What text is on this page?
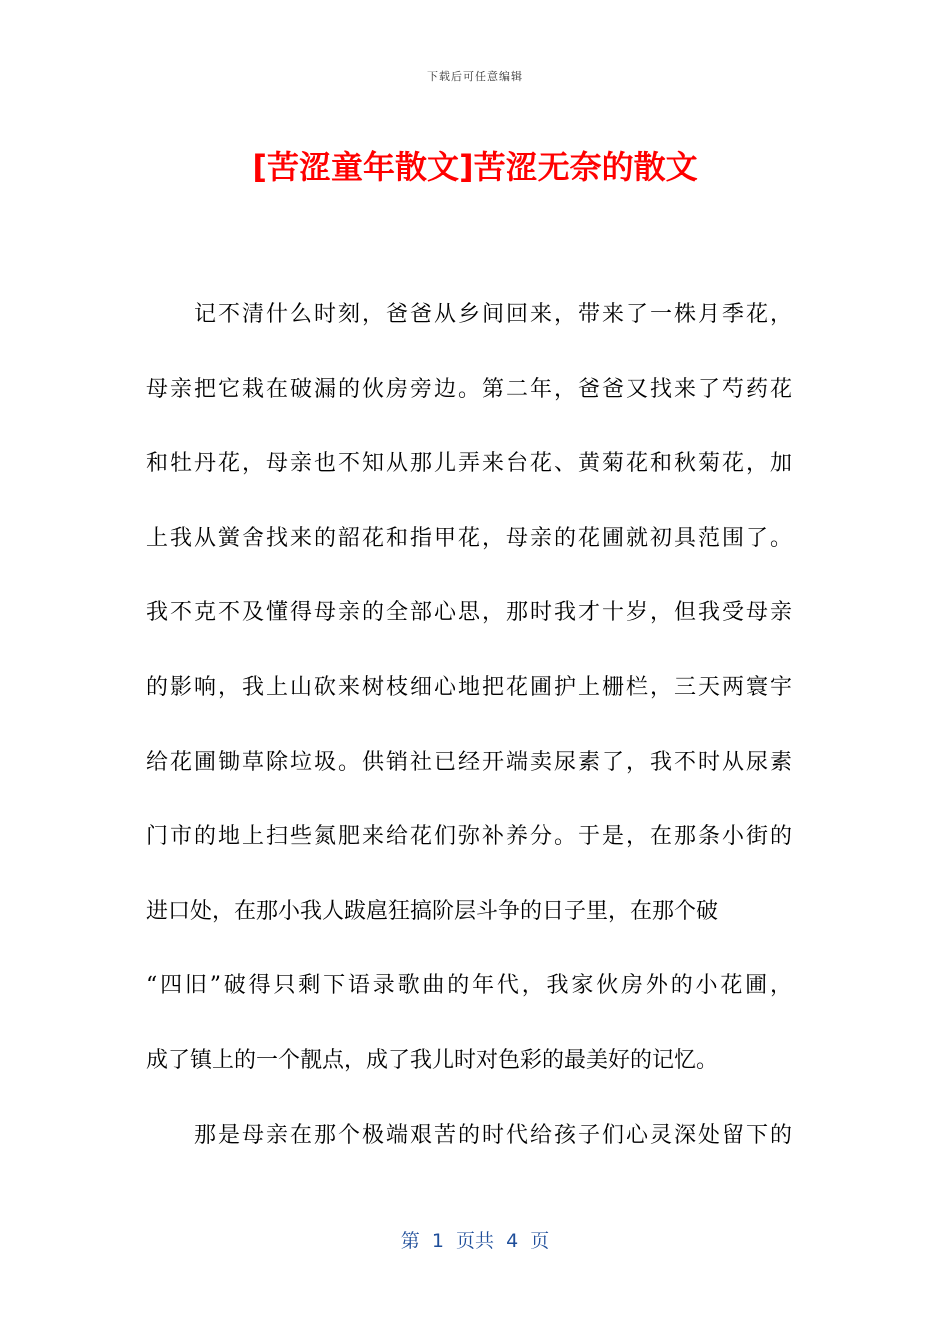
下载后可任意编辑
[苦涩童年散文]苦涩无奈的散文
记不清什么时刻，爸爸从乡间回来，带来了一株月季花，
母亲把它栽在破漏的伙房旁边。第二年，爸爸又找来了芍药花
和牡丹花，母亲也不知从那儿弄来台花、黄菊花和秋菊花，加
上我从黉舍找来的韶花和指甲花，母亲的花圃就初具范围了。
我不克不及懂得母亲的全部心思，那时我才十岁，但我受母亲
的影响，我上山砍来树枝细心地把花圃护上栅栏，三天两寰宇
给花圃锄草除垃圾。供销社已经开端卖尿素了，我不时从尿素
门市的地上扫些氮肥来给花们弥补养分。于是，在那条小街的
进口处，在那小我人跋扈狂搞阶层斗争的日子里，在那个破
“四旧”破得只剩下语录歌曲的年代，我家伙房外的小花圃，
成了镇上的一个靓点，成了我儿时对色彩的最美好的记忆。
那是母亲在那个极端艰苦的时代给孩子们心灵深处留下的
第  1  页共  4  页
